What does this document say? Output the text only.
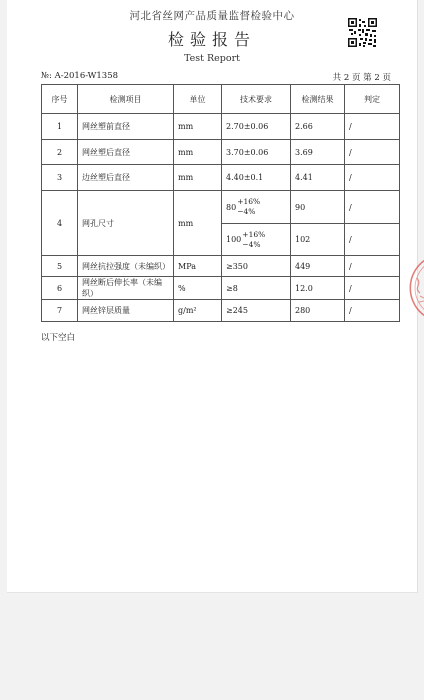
河北省丝网产品质量监督检验中心
检验报告
Test Report
№: A-2016-W1358	共 2 页 第 2 页
序号	检测项目	单位	技术要求	检测结果	判定
1	网丝塑前直径	mm	2.70±0.06	2.66	/
2	网丝塑后直径	mm	3.70±0.06	3.69	/
3	边丝塑后直径	mm	4.40±0.1	4.41	/
4	网孔尺寸	mm	80
+16%
−4%	90	/

			100
+16%
−4%	102	/
5	网丝抗拉强度（未编织）	MPa	≥350	449	/
6	网丝断后伸长率（未编织）	%	≥8	12.0	/
7	网丝锌层质量	g/m²	≥245	280	/
以下空白
